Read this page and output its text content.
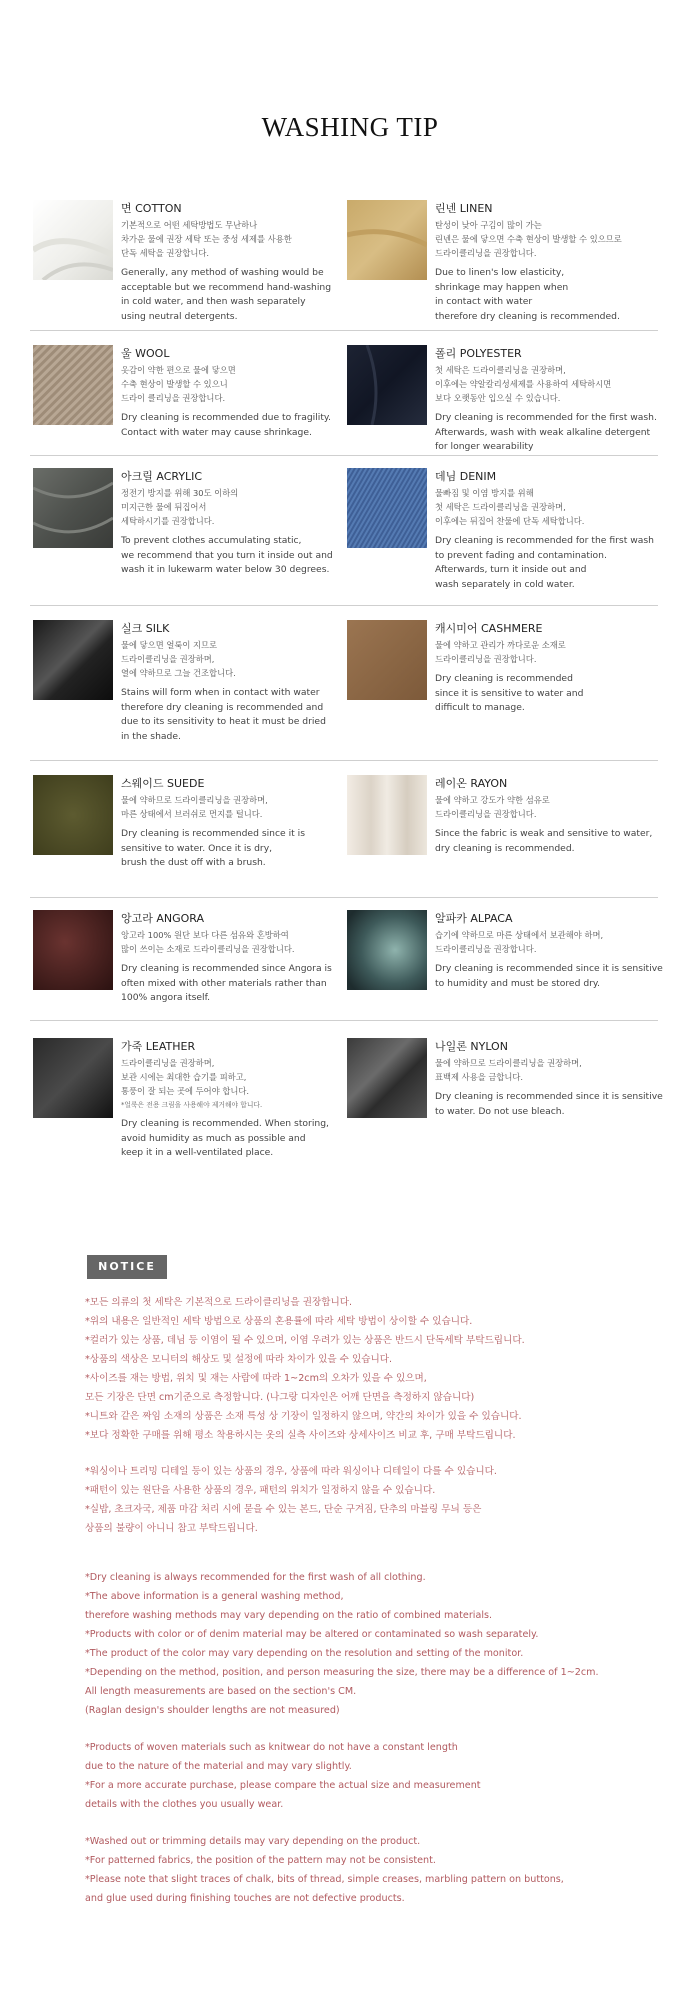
WASHING TIP

면 COTTON

기본적으로 어떤 세탁방법도 무난하나
차가운 물에 권장 세탁 또는 중성 세제를 사용한
단독 세탁을 권장합니다.

Generally, any method of washing would be
acceptable but we recommend hand-washing
in cold water, and then wash separately
using neutral detergents.

린넨 LINEN

탄성이 낮아 구김이 많이 가는
린넨은 물에 닿으면 수축 현상이 발생할 수 있으므로
드라이클리닝을 권장합니다.

Due to linen's low elasticity,
shrinkage may happen when
in contact with water
therefore dry cleaning is recommended.

울 WOOL

옷감이 약한 편으로 물에 닿으면
수축 현상이 발생할 수 있으니
드라이 클리닝을 권장합니다.

Dry cleaning is recommended due to fragility.
Contact with water may cause shrinkage.

폴리 POLYESTER

첫 세탁은 드라이클리닝을 권장하며,
이후에는 약알칼리성세제를 사용하여 세탁하시면
보다 오랫동안 입으실 수 있습니다.

Dry cleaning is recommended for the first wash.
Afterwards, wash with weak alkaline detergent
for longer wearability

아크릴 ACRYLIC

정전기 방지를 위해 30도 이하의
미지근한 물에 뒤집어서
세탁하시기를 권장합니다.

To prevent clothes accumulating static,
we recommend that you turn it inside out and
wash it in lukewarm water below 30 degrees.

데님 DENIM

물빠짐 및 이염 방지를 위해
첫 세탁은 드라이클리닝을 권장하며,
이후에는 뒤집어 찬물에 단독 세탁합니다.

Dry cleaning is recommended for the first wash
to prevent fading and contamination.
Afterwards, turn it inside out and
wash separately in cold water.

실크 SILK

물에 닿으면 얼룩이 지므로
드라이클리닝을 권장하며,
열에 약하므로 그늘 건조합니다.

Stains will form when in contact with water
therefore dry cleaning is recommended and
due to its sensitivity to heat it must be dried
in the shade.

캐시미어 CASHMERE

물에 약하고 관리가 까다로운 소재로
드라이클리닝을 권장합니다.

Dry cleaning is recommended
since it is sensitive to water and
difficult to manage.

스웨이드 SUEDE

물에 약하므로 드라이클리닝을 권장하며,
마른 상태에서 브러쉬로 먼지를 털니다.

Dry cleaning is recommended since it is
sensitive to water. Once it is dry,
brush the dust off with a brush.

레이온 RAYON

물에 약하고 강도가 약한 섬유로
드라이클리닝을 권장합니다.

Since the fabric is weak and sensitive to water,
dry cleaning is recommended.

앙고라 ANGORA

앙고라 100% 원단 보다 다른 섬유와 혼방하여
많이 쓰이는 소재로 드라이클리닝을 권장합니다.

Dry cleaning is recommended since Angora is
often mixed with other materials rather than
100% angora itself.

알파카 ALPACA

습기에 약하므로 마른 상태에서 보관해야 하며,
드라이클리닝을 권장합니다.

Dry cleaning is recommended since it is sensitive
to humidity and must be stored dry.

가죽 LEATHER

드라이클리닝을 권장하며,
보관 시에는 최대한 습기를 피하고,
통풍이 잘 되는 곳에 두어야 합니다.

*얼룩은 전용 크림을 사용해야 제거해야 합니다.

Dry cleaning is recommended. When storing,
avoid humidity as much as possible and
keep it in a well-ventilated place.

나일론 NYLON

물에 약하므로 드라이클리닝을 권장하며,
표백제 사용을 금합니다.

Dry cleaning is recommended since it is sensitive
to water. Do not use bleach.

NOTICE
*모든 의류의 첫 세탁은 기본적으로 드라이클리닝을 권장합니다.
*위의 내용은 일반적인 세탁 방법으로 상품의 혼용률에 따라 세탁 방법이 상이할 수 있습니다.
*컬러가 있는 상품, 데님 등 이염이 될 수 있으며, 이염 우려가 있는 상품은 반드시 단독세탁 부탁드립니다.
*상품의 색상은 모니터의 해상도 및 설정에 따라 차이가 있을 수 있습니다.
*사이즈를 재는 방법, 위치 및 재는 사람에 따라 1~2cm의 오차가 있을 수 있으며,
모든 기장은 단면 cm기준으로 측정합니다. (나그랑 디자인은 어깨 단면을 측정하지 않습니다)
*니트와 같은 짜임 소재의 상품은 소재 특성 상 기장이 일정하지 않으며, 약간의 차이가 있을 수 있습니다.
*보다 정확한 구매를 위해 평소 착용하시는 옷의 실측 사이즈와 상세사이즈 비교 후, 구매 부탁드립니다.
*워싱이나 트리밍 디테일 등이 있는 상품의 경우, 상품에 따라 워싱이나 디테일이 다를 수 있습니다.
*패턴이 있는 원단을 사용한 상품의 경우, 패턴의 위치가 일정하지 않을 수 있습니다.
*실밥, 초크자국, 제품 마감 처리 시에 묻을 수 있는 본드, 단순 구겨짐, 단추의 마블링 무늬 등은
상품의 불량이 아니니 참고 부탁드립니다.
*Dry cleaning is always recommended for the first wash of all clothing.
*The above information is a general washing method,
therefore washing methods may vary depending on the ratio of combined materials.
*Products with color or of denim material may be altered or contaminated so wash separately.
*The product of the color may vary depending on the resolution and setting of the monitor.
*Depending on the method, position, and person measuring the size, there may be a difference of 1~2cm.
All length measurements are based on the section's CM.
(Raglan design's shoulder lengths are not measured)
*Products of woven materials such as knitwear do not have a constant length
due to the nature of the material and may vary slightly.
*For a more accurate purchase, please compare the actual size and measurement
details with the clothes you usually wear.
*Washed out or trimming details may vary depending on the product.
*For patterned fabrics, the position of the pattern may not be consistent.
*Please note that slight traces of chalk, bits of thread, simple creases, marbling pattern on buttons,
and glue used during finishing touches are not defective products.
